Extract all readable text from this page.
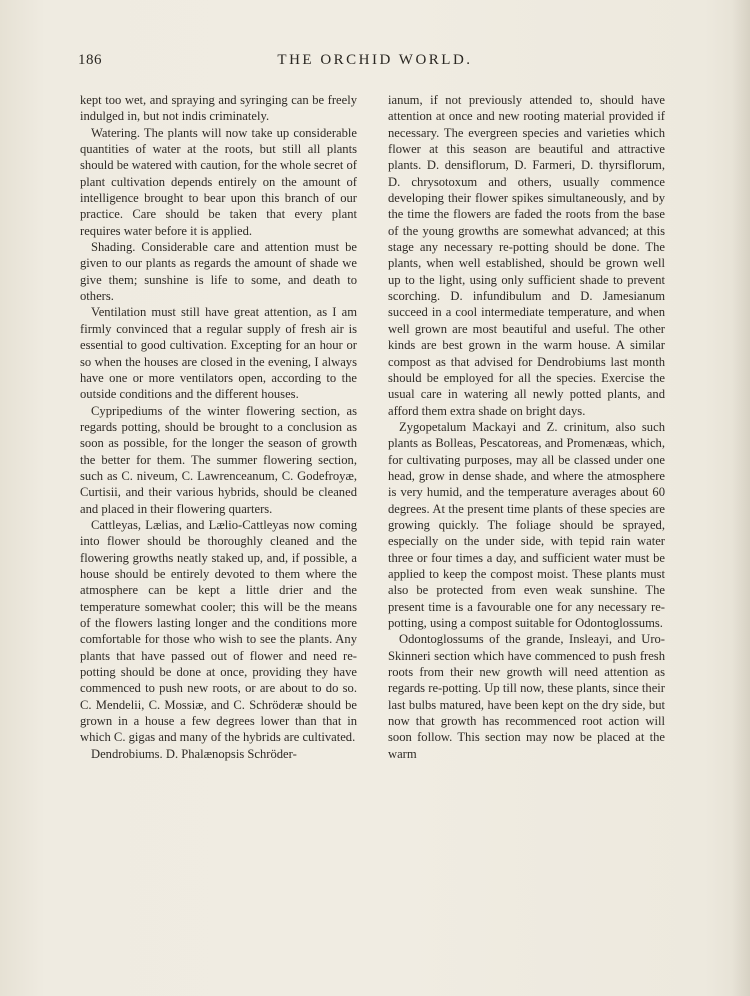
186	THE ORCHID WORLD.

kept too wet, and spraying and syringing can be freely indulged in, but not indis criminately.

Watering. The plants will now take up considerable quantities of water at the roots, but still all plants should be watered with caution, for the whole secret of plant cultivation depends entirely on the amount of intelligence brought to bear upon this branch of our practice. Care should be taken that every plant requires water before it is applied.

Shading. Considerable care and attention must be given to our plants as regards the amount of shade we give them; sunshine is life to some, and death to others.

Ventilation must still have great attention, as I am firmly convinced that a regular supply of fresh air is essential to good cultivation. Excepting for an hour or so when the houses are closed in the evening, I always have one or more ventilators open, according to the outside conditions and the different houses.

Cypripediums of the winter flowering section, as regards potting, should be brought to a conclusion as soon as possible, for the longer the season of growth the better for them. The summer flowering section, such as C. niveum, C. Lawrenceanum, C. Godefroyæ, Curtisii, and their various hybrids, should be cleaned and placed in their flowering quarters.

Cattleyas, Lælias, and Lælio-Cattleyas now coming into flower should be thoroughly cleaned and the flowering growths neatly staked up, and, if possible, a house should be entirely devoted to them where the atmosphere can be kept a little drier and the temperature somewhat cooler; this will be the means of the flowers lasting longer and the conditions more comfortable for those who wish to see the plants. Any plants that have passed out of flower and need re-potting should be done at once, providing they have commenced to push new roots, or are about to do so. C. Mendelii, C. Mossiæ, and C. Schröderæ should be grown in a house a few degrees lower than that in which C. gigas and many of the hybrids are cultivated.

Dendrobiums. D. Phalænopsis Schröder-

ianum, if not previously attended to, should have attention at once and new rooting material provided if necessary. The evergreen species and varieties which flower at this season are beautiful and attractive plants. D. densiflorum, D. Farmeri, D. thyrsiflorum, D. chrysotoxum and others, usually commence developing their flower spikes simultaneously, and by the time the flowers are faded the roots from the base of the young growths are somewhat advanced; at this stage any necessary re-potting should be done. The plants, when well established, should be grown well up to the light, using only sufficient shade to prevent scorching. D. infundibulum and D. Jamesianum succeed in a cool intermediate temperature, and when well grown are most beautiful and useful. The other kinds are best grown in the warm house. A similar compost as that advised for Dendrobiums last month should be employed for all the species. Exercise the usual care in watering all newly potted plants, and afford them extra shade on bright days.

Zygopetalum Mackayi and Z. crinitum, also such plants as Bolleas, Pescatoreas, and Promenæas, which, for cultivating purposes, may all be classed under one head, grow in dense shade, and where the atmosphere is very humid, and the temperature averages about 60 degrees. At the present time plants of these species are growing quickly. The foliage should be sprayed, especially on the under side, with tepid rain water three or four times a day, and sufficient water must be applied to keep the compost moist. These plants must also be protected from even weak sunshine. The present time is a favourable one for any necessary re-potting, using a compost suitable for Odontoglossums.

Odontoglossums of the grande, Insleayi, and Uro-Skinneri section which have commenced to push fresh roots from their new growth will need attention as regards re-potting. Up till now, these plants, since their last bulbs matured, have been kept on the dry side, but now that growth has recommenced root action will soon follow. This section may now be placed at the warm
